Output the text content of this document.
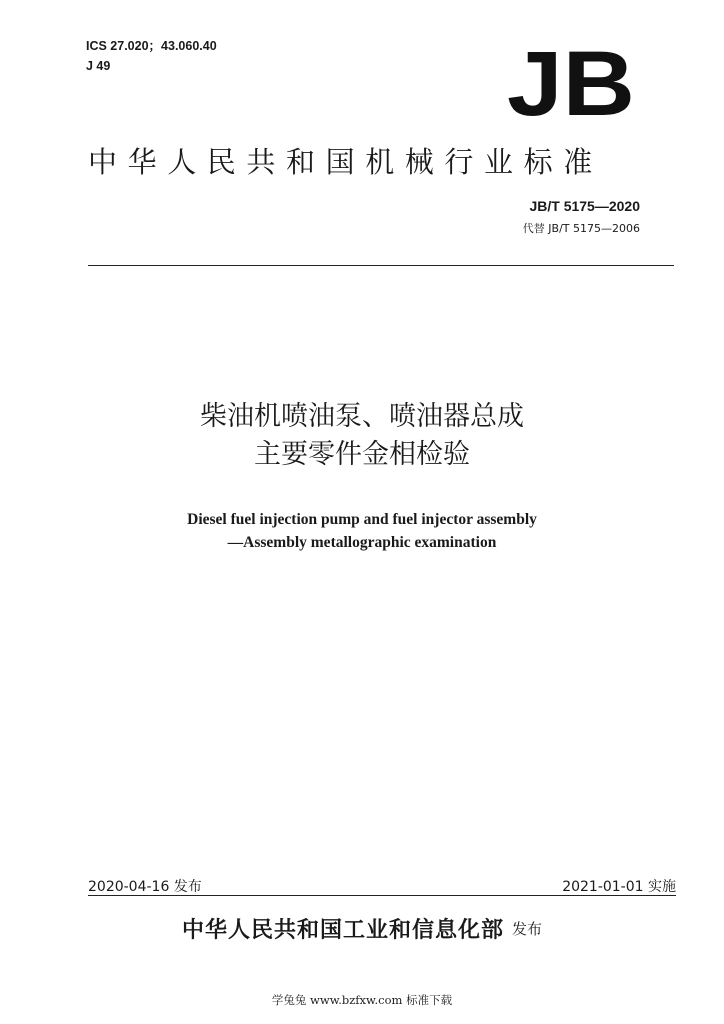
ICS 27.020；43.060.40
J 49	JB
中华人民共和国机械行业标准
JB/T 5175—2020
代替 JB/T 5175—2006
柴油机喷油泵、喷油器总成
主要零件金相检验
Diesel fuel injection pump and fuel injector assembly
—Assembly metallographic examination
2020-04-16 发布	2021-01-01 实施
中华人民共和国工业和信息化部 发布
学兔兔 www.bzfxw.com 标准下载
